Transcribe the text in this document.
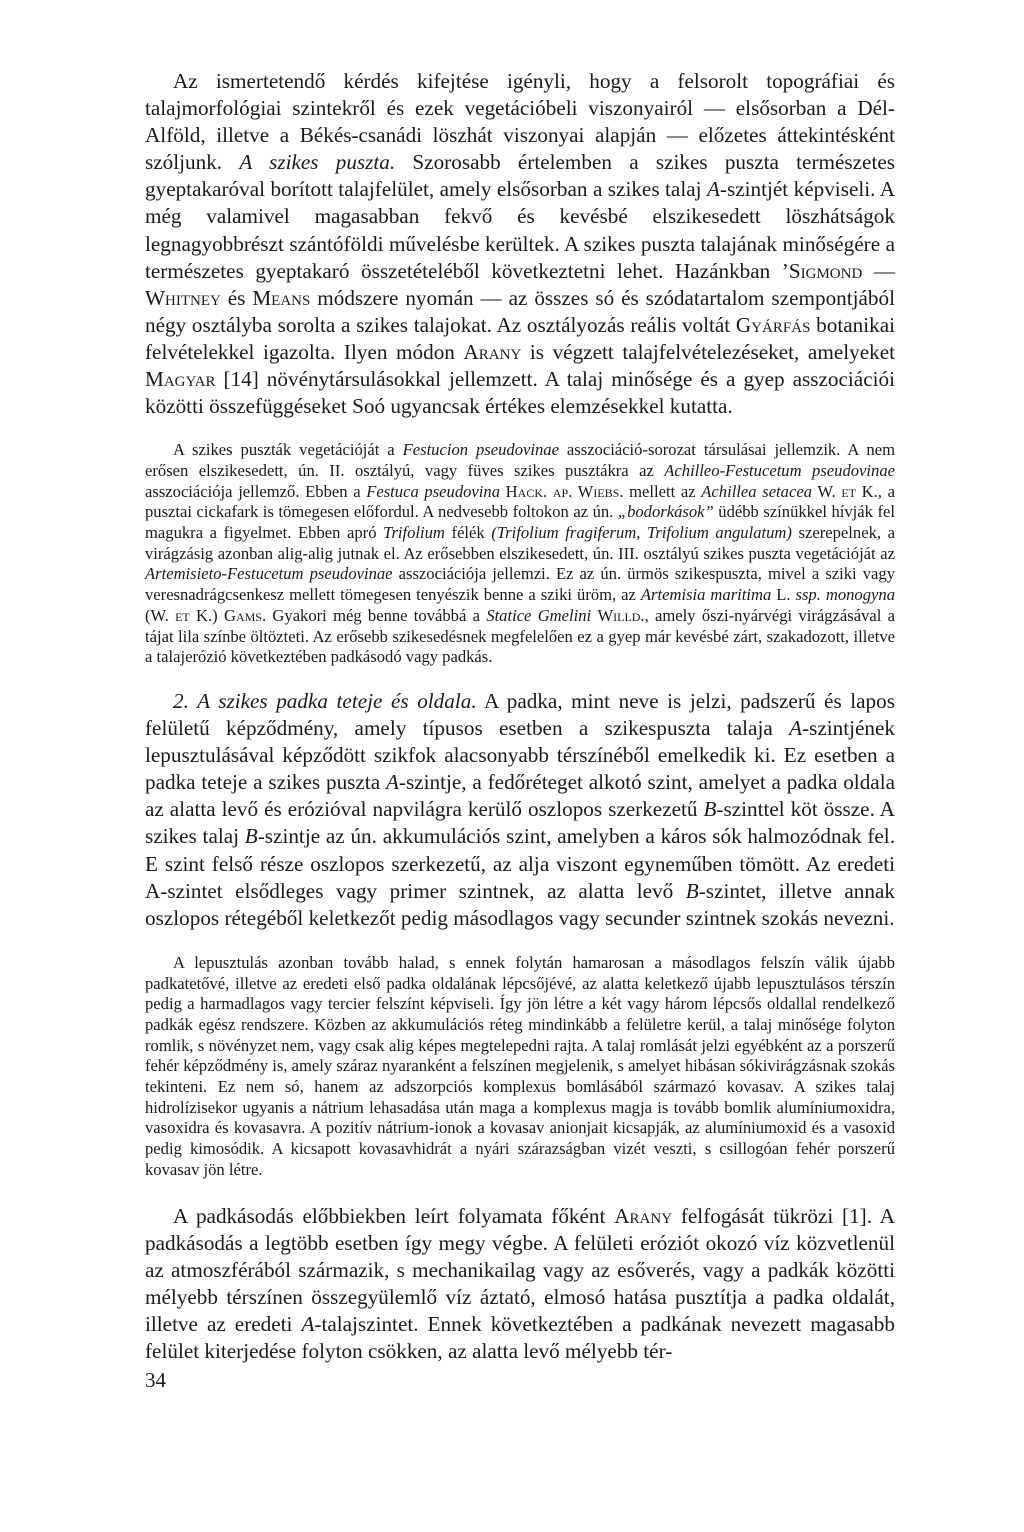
Az ismertetendő kérdés kifejtése igényli, hogy a felsorolt topográfiai és talajmorfológiai szintekről és ezek vegetációbeli viszonyairól — elsősorban a Dél-Alföld, illetve a Békés-csanádi löszhát viszonyai alapján — előzetes áttekintésként szóljunk. A szikes puszta. Szorosabb értelemben a szikes puszta természetes gyeptakaróval borított talajfelület, amely elsősorban a szikes talaj A-szintjét képviseli. A még valamivel magasabban fekvő és kevésbé elszikesedett löszhátságok legnagyobbrészt szántóföldi művelésbe kerültek. A szikes puszta talajának minőségére a természetes gyeptakaró összetételéből következtetni lehet. Hazánkban ’Sigmond — Whitney és Means módszere nyomán — az összes só és szódatartalom szempontjából négy osztályba sorolta a szikes talajokat. Az osztályozás reális voltát Gyárfás botanikai felvételekkel igazolta. Ilyen módon Arany is végzett talajfelvételezéseket, amelyeket Magyar [14] növénytársulásokkal jellemzett. A talaj minősége és a gyep asszociációi közötti összefüggéseket Soó ugyancsak értékes elemzésekkel kutatta.

A szikes puszták vegetációját a Festucion pseudovinae asszociáció-sorozat társulásai jellemzik. A nem erősen elszikesedett, ún. II. osztályú, vagy füves szikes pusztákra az Achilleo-Festucetum pseudovinae asszociációja jellemző. Ebben a Festuca pseudovina Hack. ap. Wiebs. mellett az Achillea setacea W. et K., a pusztai cickafark is tömegesen előfordul. A nedvesebb foltokon az ún. „bodorkások” üdébb színükkel hívják fel magukra a figyelmet. Ebben apró Trifolium félék (Trifolium fragiferum, Trifolium angulatum) szerepelnek, a virágzásig azonban alig-alig jutnak el. Az erősebben elszikesedett, ún. III. osztályú szikes puszta vegetációját az Artemisieto-Festucetum pseudovinae asszociációja jellemzi. Ez az ún. ürmös szikespuszta, mivel a sziki vagy veresnadrágcsenkesz mellett tömegesen tenyészik benne a sziki üröm, az Artemisia maritima L. ssp. monogyna (W. et K.) Gams. Gyakori még benne továbbá a Statice Gmelini Willd., amely őszi-nyárvégi virágzásával a tájat lila színbe öltözteti. Az erősebb szikesedésnek megfelelően ez a gyep már kevésbé zárt, szakadozott, illetve a talajerózió következtében padkásodó vagy padkás.

2. A szikes padka teteje és oldala. A padka, mint neve is jelzi, padszerű és lapos felületű képződmény, amely típusos esetben a szikespuszta talaja A-szintjének lepusztulásával képződött szikfok alacsonyabb térszínéből emelkedik ki. Ez esetben a padka teteje a szikes puszta A-szintje, a fedőréteget alkotó szint, amelyet a padka oldala az alatta levő és erózióval napvilágra kerülő oszlopos szerkezetű B-szinttel köt össze. A szikes talaj B-szintje az ún. akkumulációs szint, amelyben a káros sók halmozódnak fel. E szint felső része oszlopos szerkezetű, az alja viszont egyneműben tömött. Az eredeti A-szintet elsődleges vagy primer szintnek, az alatta levő B-szintet, illetve annak oszlopos rétegéből keletkezőt pedig másodlagos vagy secunder szintnek szokás nevezni.

A lepusztulás azonban tovább halad, s ennek folytán hamarosan a másodlagos felszín válik újabb padkatetővé, illetve az eredeti első padka oldalának lépcsőjévé, az alatta keletkező újabb lepusztulásos térszín pedig a harmadlagos vagy tercier felszínt képviseli. Így jön létre a két vagy három lépcsős oldallal rendelkező padkák egész rendszere. Közben az akkumulációs réteg mindinkább a felületre kerül, a talaj minősége folyton romlik, s növényzet nem, vagy csak alig képes megtelepedni rajta. A talaj romlását jelzi egyébként az a porszerű fehér képződmény is, amely száraz nyaranként a felszínen megjelenik, s amelyet hibásan sókivirágzásnak szokás tekinteni. Ez nem só, hanem az adszorpciós komplexus bomlásából származó kovasav. A szikes talaj hidrolízisekor ugyanis a nátrium lehasadása után maga a komplexus magja is tovább bomlik alumíniumoxidra, vasoxidra és kovasavra. A pozitív nátrium-ionok a kovasav anionjait kicsapják, az alumíniumoxid és a vasoxid pedig kimosódik. A kicsapott kovasavhidrát a nyári szárazságban vizét veszti, s csillogóan fehér porszerű kovasav jön létre.

A padkásodás előbbiekben leírt folyamata főként Arany felfogását tükrözi [1]. A padkásodás a legtöbb esetben így megy végbe. A felületi eróziót okozó víz közvetlenül az atmoszférából származik, s mechanikailag vagy az esőverés, vagy a padkák közötti mélyebb térszínen összegyülemlő víz áztató, elmosó hatása pusztítja a padka oldalát, illetve az eredeti A-talajszintet. Ennek következtében a padkának nevezett magasabb felület kiterjedése folyton csökken, az alatta levő mélyebb tér-

34
